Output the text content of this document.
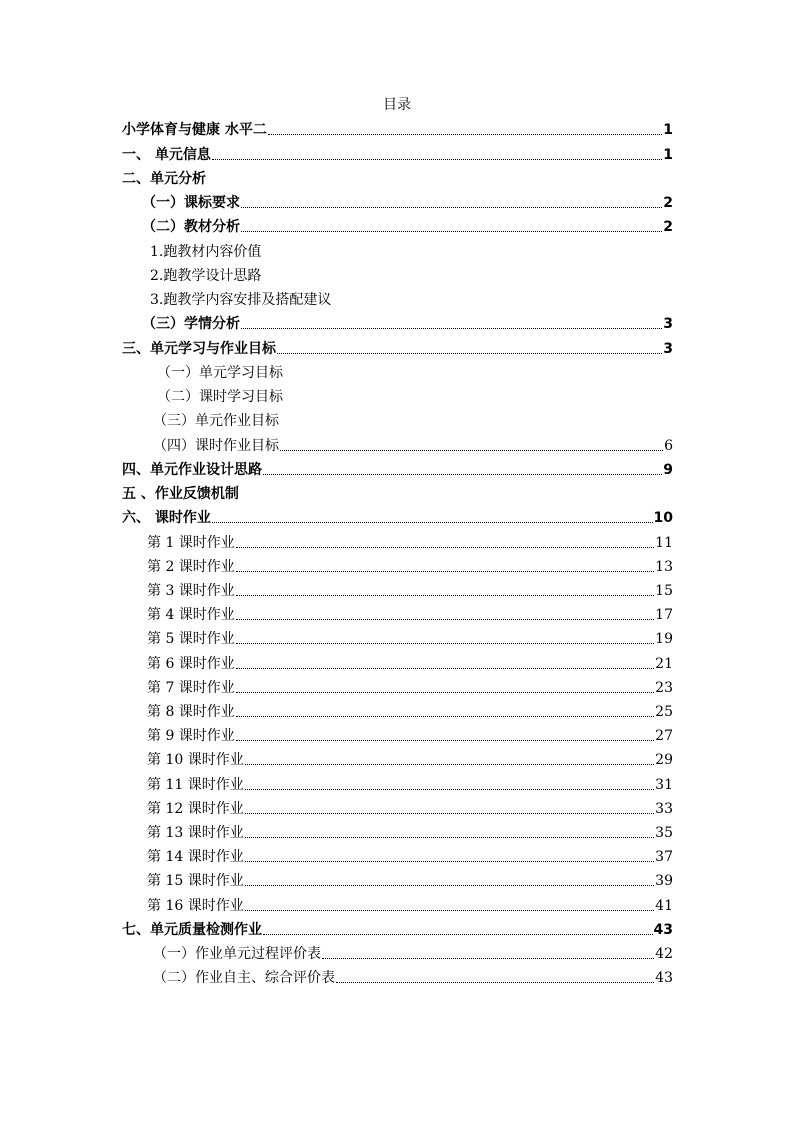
目录
小学体育与健康 水平二	1
一、 单元信息	1
二、单元分析
（一）课标要求	2
（二）教材分析	2
1.跑教材内容价值
2.跑教学设计思路
3.跑教学内容安排及搭配建议
（三）学情分析	3
三、单元学习与作业目标	3
（一）单元学习目标
（二）课时学习目标
（三）单元作业目标
（四）课时作业目标	6
四、单元作业设计思路	9
五 、作业反馈机制
六、 课时作业	10
第 1 课时作业	11
第 2 课时作业	13
第 3 课时作业	15
第 4 课时作业	17
第 5 课时作业	19
第 6 课时作业	21
第 7 课时作业	23
第 8 课时作业	25
第 9 课时作业	27
第 10 课时作业	29
第 11 课时作业	31
第 12 课时作业	33
第 13 课时作业	35
第 14 课时作业	37
第 15 课时作业	39
第 16 课时作业	41
七、单元质量检测作业	43
（一）作业单元过程评价表	42
（二）作业自主、综合评价表	43
